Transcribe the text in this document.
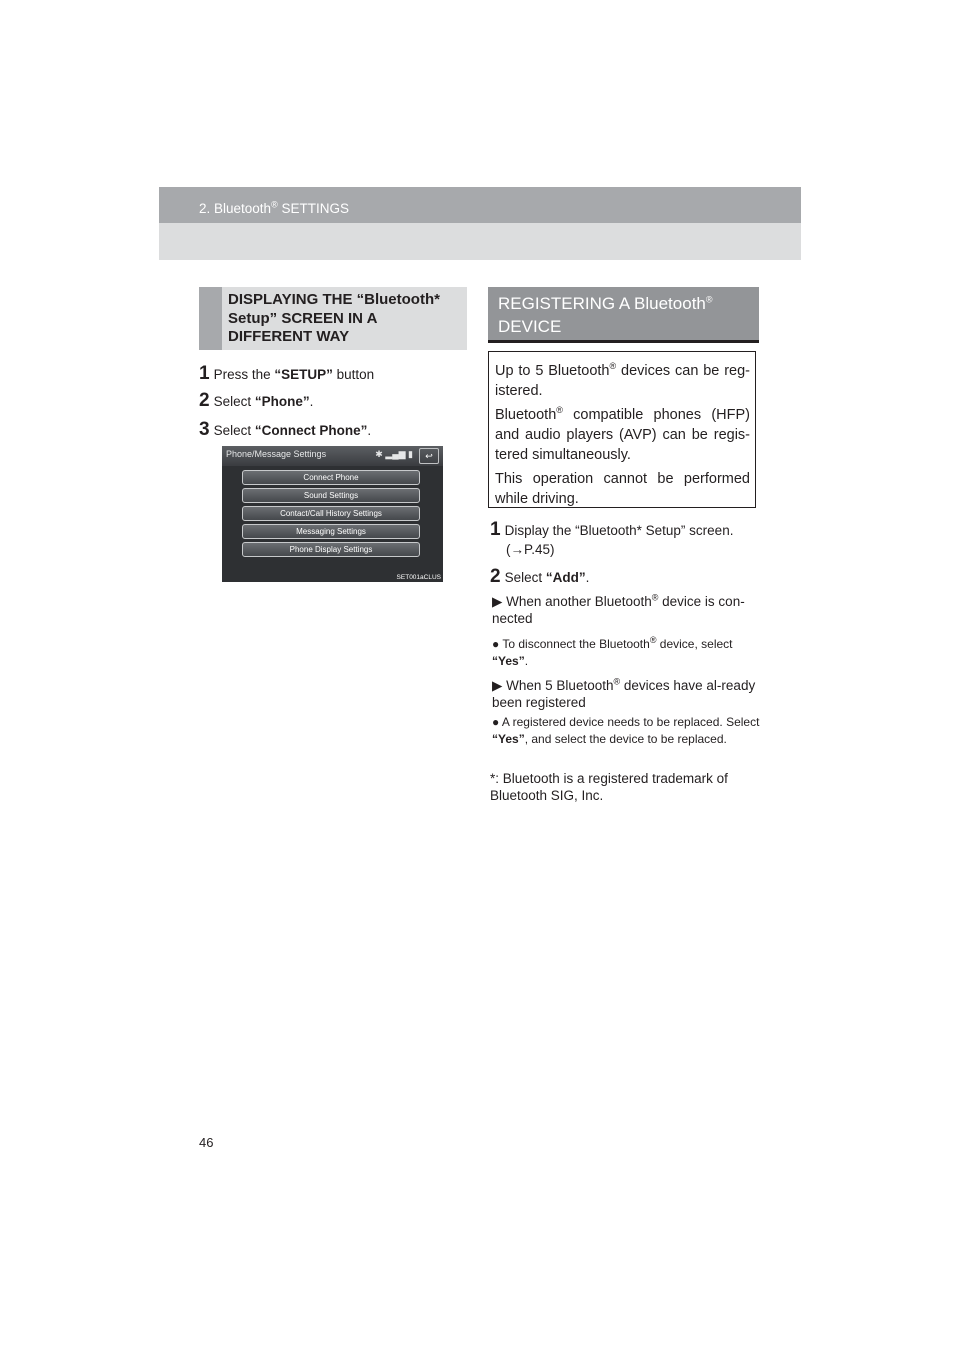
2. Bluetooth® SETTINGS
DISPLAYING THE “Bluetooth* Setup” SCREEN IN A DIFFERENT WAY
1 Press the “SETUP” button
2 Select “Phone”.
3 Select “Connect Phone”.
Phone/Message Settings	✱ ▂▄▆ ▮	↩
Connect Phone
Sound Settings
Contact/Call History Settings
Messaging Settings
Phone Display Settings
SET001aCLUS
REGISTERING A Bluetooth®
DEVICE

Up to 5 Bluetooth® devices can be reg-istered.

Bluetooth® compatible phones (HFP) and audio players (AVP) can be regis-tered simultaneously.

This operation cannot be performed while driving.

1 Display the “Bluetooth* Setup” screen.
(→P.45)
2 Select “Add”.
▶ When another Bluetooth® device is con-nected
● To disconnect the Bluetooth® device, select “Yes”.
▶ When 5 Bluetooth® devices have al-ready been registered
● A registered device needs to be replaced. Select “Yes”, and select the device to be replaced.
*: Bluetooth is a registered trademark of Bluetooth SIG, Inc.
46
